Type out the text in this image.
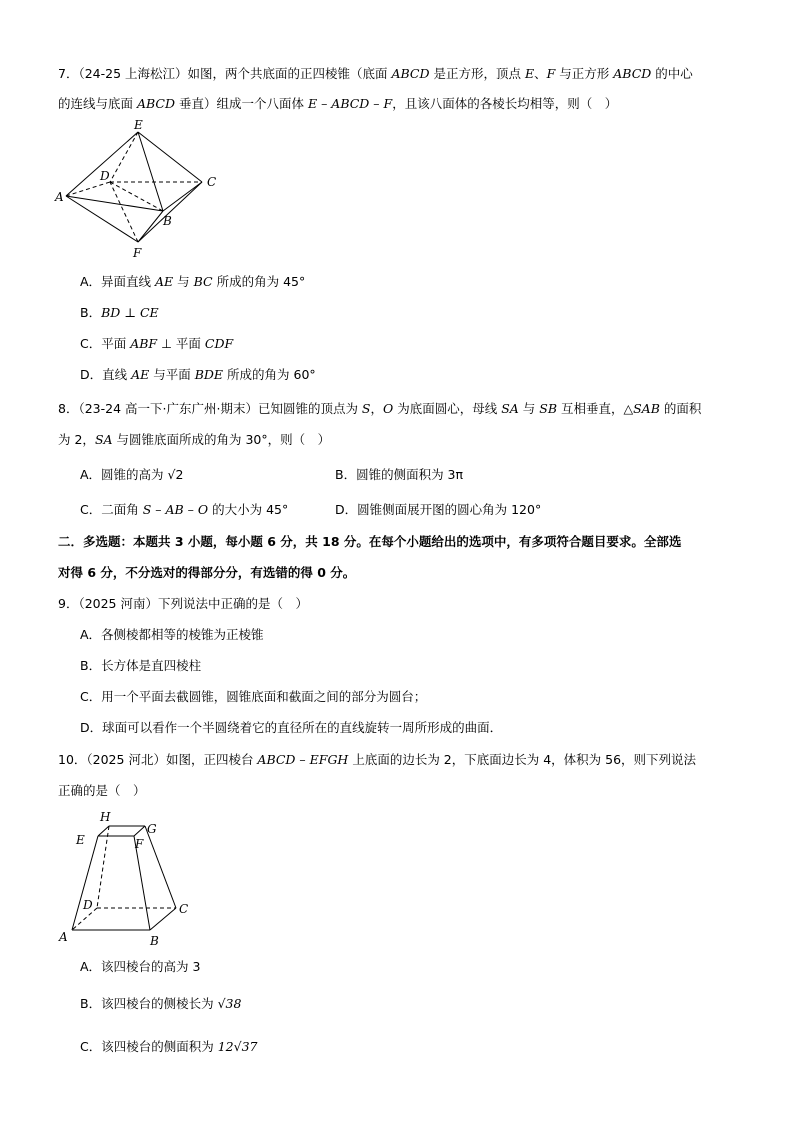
7．（24-25 上海松江）如图，两个共底面的正四棱锥（底面 ABCD 是正方形，顶点 E、F 与正方形 ABCD 的中心
的连线与底面 ABCD 垂直）组成一个八面体 E – ABCD – F，且该八面体的各棱长均相等，则（　）
E
D	C
A
B
F
A．异面直线 AE 与 BC 所成的角为 45°
B．BD ⊥ CE
C．平面 ABF ⊥ 平面 CDF
D．直线 AE 与平面 BDE 所成的角为 60°
8．（23-24 高一下·广东广州·期末）已知圆锥的顶点为 S，O 为底面圆心，母线 SA 与 SB 互相垂直，△SAB 的面积
为 2，SA 与圆锥底面所成的角为 30°，则（　）
A．圆锥的高为 √2	B．圆锥的侧面积为 3π
C．二面角 S – AB – O 的大小为 45°	D．圆锥侧面展开图的圆心角为 120°
二．多选题：本题共 3 小题，每小题 6 分，共 18 分。在每个小题给出的选项中，有多项符合题目要求。全部选
对得 6 分，不分选对的得部分分，有选错的得 0 分。
9．（2025 河南）下列说法中正确的是（　）
A．各侧棱都相等的棱锥为正棱锥
B．长方体是直四棱柱
C．用一个平面去截圆锥，圆锥底面和截面之间的部分为圆台；
D．球面可以看作一个半圆绕着它的直径所在的直线旋转一周所形成的曲面．
10．（2025 河北）如图，正四棱台 ABCD – EFGH 上底面的边长为 2，下底面边长为 4，体积为 56，则下列说法
正确的是（　）
H
G
E	F
D	C
A	B
A．该四棱台的高为 3
B．该四棱台的侧棱长为 √38
C．该四棱台的侧面积为 12√37
